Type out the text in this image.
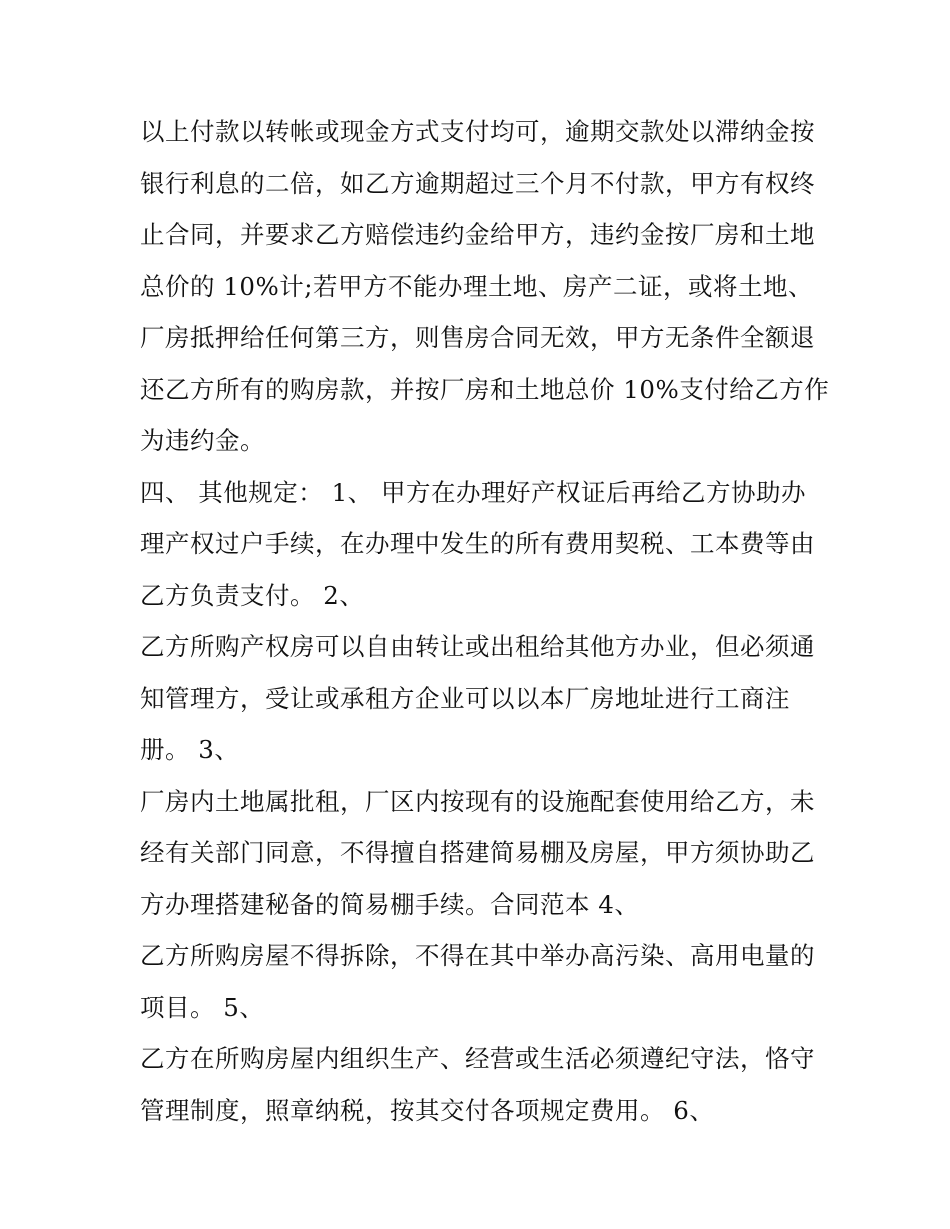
以上付款以转帐或现金方式支付均可，逾期交款处以滞纳金按
银行利息的二倍，如乙方逾期超过三个月不付款，甲方有权终
止合同，并要求乙方赔偿违约金给甲方，违约金按厂房和土地
总价的 10%计;若甲方不能办理土地、房产二证，或将土地、
厂房抵押给任何第三方，则售房合同无效，甲方无条件全额退
还乙方所有的购房款，并按厂房和土地总价 10%支付给乙方作
为违约金。
四、 其他规定： 1、 甲方在办理好产权证后再给乙方协助办
理产权过户手续，在办理中发生的所有费用契税、工本费等由
乙方负责支付。 2、
乙方所购产权房可以自由转让或出租给其他方办业，但必须通
知管理方，受让或承租方企业可以以本厂房地址进行工商注
册。 3、
厂房内土地属批租，厂区内按现有的设施配套使用给乙方，未
经有关部门同意，不得擅自搭建简易棚及房屋，甲方须协助乙
方办理搭建秘备的简易棚手续。合同范本 4、
乙方所购房屋不得拆除，不得在其中举办高污染、高用电量的
项目。 5、
乙方在所购房屋内组织生产、经营或生活必须遵纪守法，恪守
管理制度，照章纳税，按其交付各项规定费用。 6、
